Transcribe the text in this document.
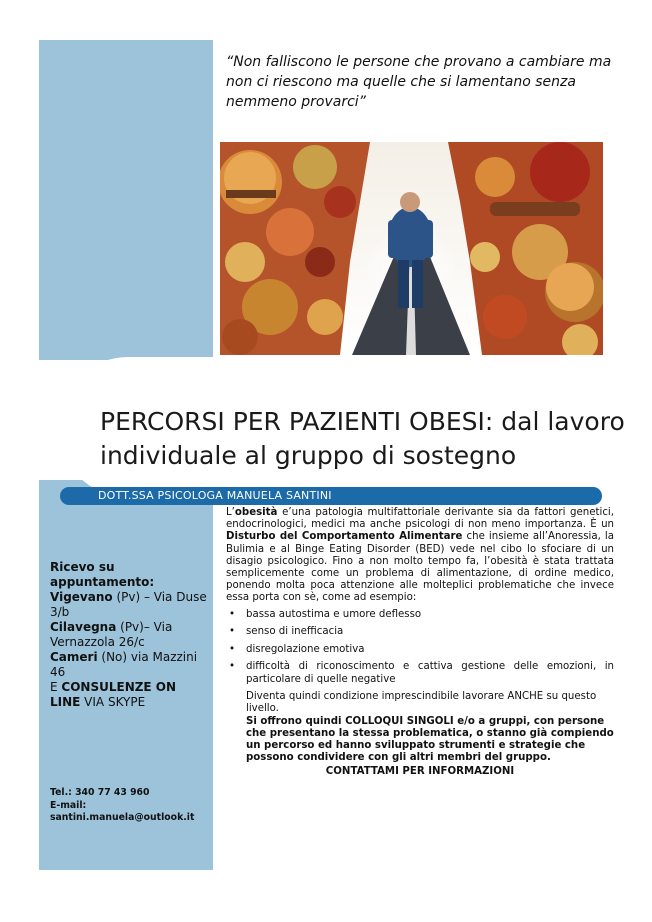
“Non falliscono le persone che provano a cambiare ma non ci riescono ma quelle che si lamentano senza nemmeno provarci”
PERCORSI PER PAZIENTI OBESI: dal lavoro individuale al gruppo di sostegno
DOTT.SSA PSICOLOGA MANUELA SANTINI

L’obesità e’una patologia multifattoriale derivante sia da fattori genetici, endocrinologici, medici ma anche psicologi di non meno importanza. È un Disturbo del Comportamento Alimentare che insieme all’Anoressia, la Bulimia e al Binge Eating Disorder (BED) vede nel cibo lo sfociare di un disagio psicologico. Fino a non molto tempo fa, l’obesità è stata trattata semplicemente come un problema di alimentazione, di ordine medico, ponendo molta poca attenzione alle molteplici problematiche che invece essa porta con sè, come ad esempio:

• bassa autostima e umore deflesso
• senso di inefficacia
• disregolazione emotiva
• difficoltà di riconoscimento e cattiva gestione delle emozioni, in particolare di quelle negative

Diventa quindi condizione imprescindibile lavorare ANCHE su questo livello.

Si offrono quindi COLLOQUI SINGOLI e/o a gruppi, con persone che presentano la stessa problematica, o stanno già compiendo un percorso ed hanno sviluppato strumenti e strategie che possono condividere con gli altri membri del gruppo.

CONTATTAMI PER INFORMAZIONI

Ricevo su appuntamento:
Vigevano (Pv) – Via Duse 3/b
Cilavegna (Pv)– Via Vernazzola 26/c
Cameri (No) via Mazzini 46
E CONSULENZE ON LINE VIA SKYPE
Tel.: 340 77 43 960
E-mail:
santini.manuela@outlook.it
